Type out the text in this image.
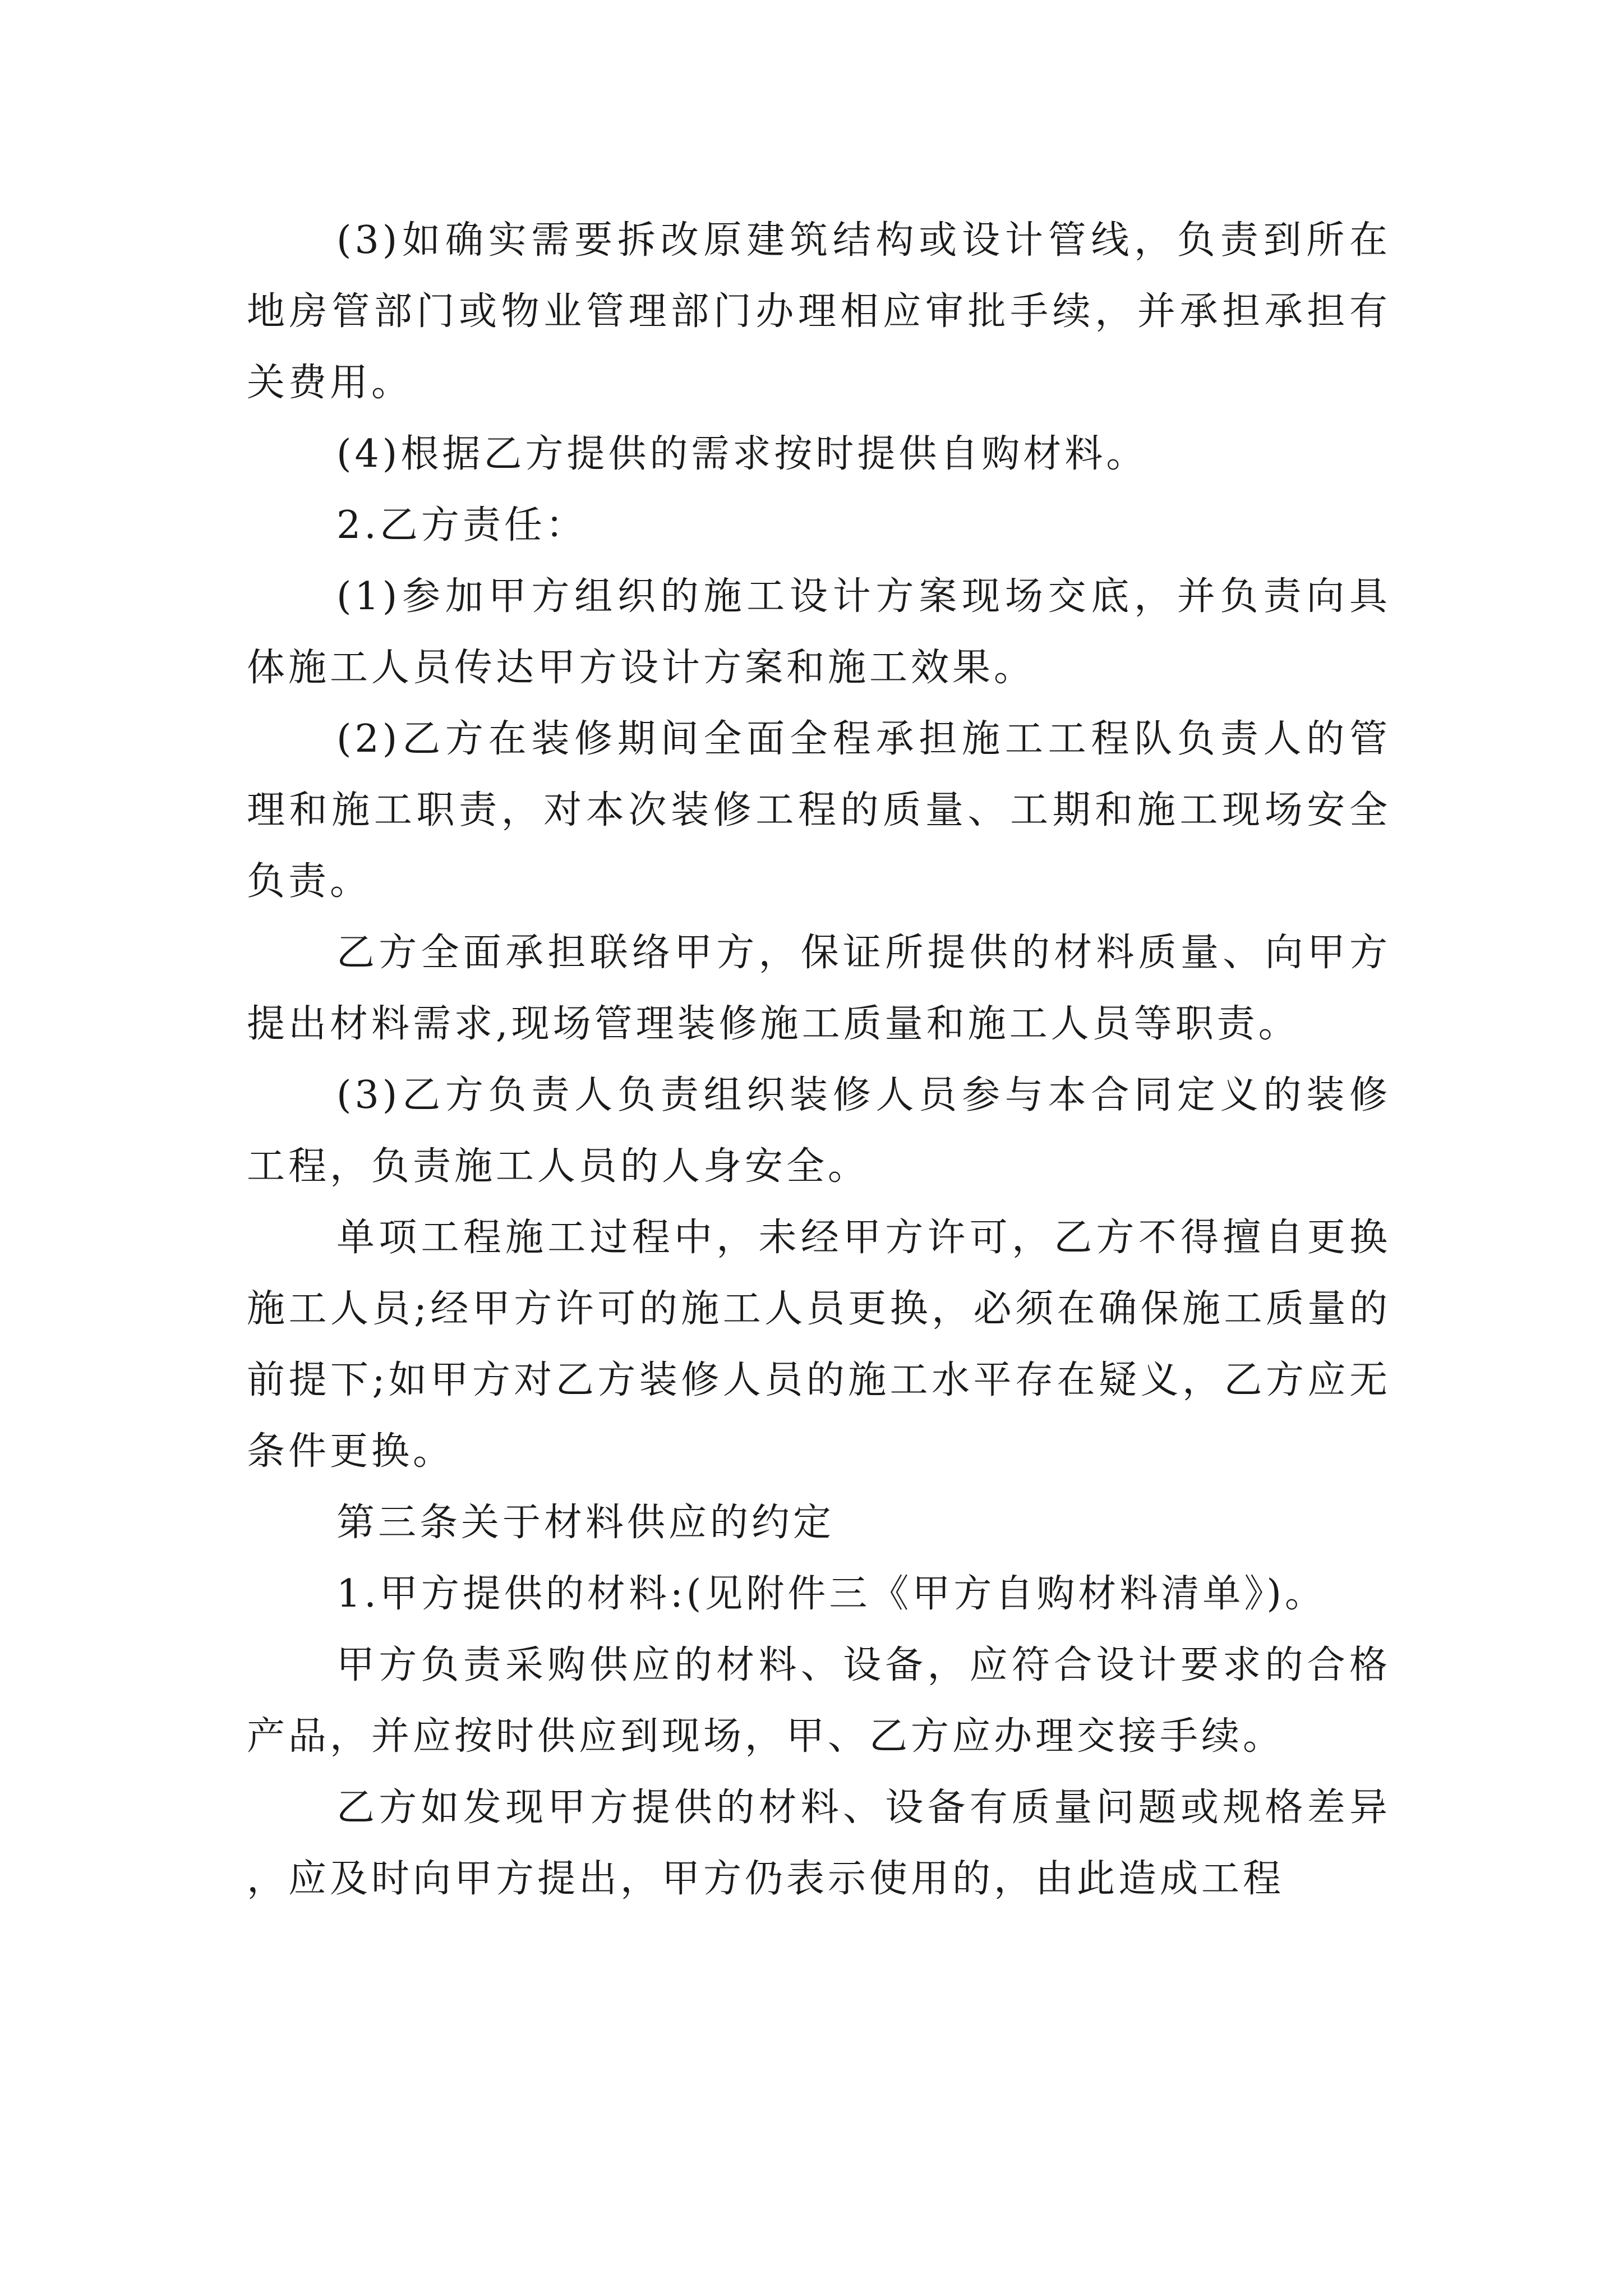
(3)如确实需要拆改原建筑结构或设计管线，负责到所在地房管部门或物业管理部门办理相应审批手续，并承担承担有关费用。

(4)根据乙方提供的需求按时提供自购材料。

2.乙方责任：

(1)参加甲方组织的施工设计方案现场交底，并负责向具体施工人员传达甲方设计方案和施工效果。

(2)乙方在装修期间全面全程承担施工工程队负责人的管理和施工职责，对本次装修工程的质量、工期和施工现场安全负责。

乙方全面承担联络甲方，保证所提供的材料质量、向甲方提出材料需求,现场管理装修施工质量和施工人员等职责。

(3)乙方负责人负责组织装修人员参与本合同定义的装修工程，负责施工人员的人身安全。

单项工程施工过程中，未经甲方许可，乙方不得擅自更换施工人员;经甲方许可的施工人员更换，必须在确保施工质量的前提下;如甲方对乙方装修人员的施工水平存在疑义，乙方应无条件更换。

第三条关于材料供应的约定

1.甲方提供的材料:(见附件三《甲方自购材料清单》)。

甲方负责采购供应的材料、设备，应符合设计要求的合格产品，并应按时供应到现场，甲、乙方应办理交接手续。

乙方如发现甲方提供的材料、设备有质量问题或规格差异，应及时向甲方提出，甲方仍表示使用的，由此造成工程
